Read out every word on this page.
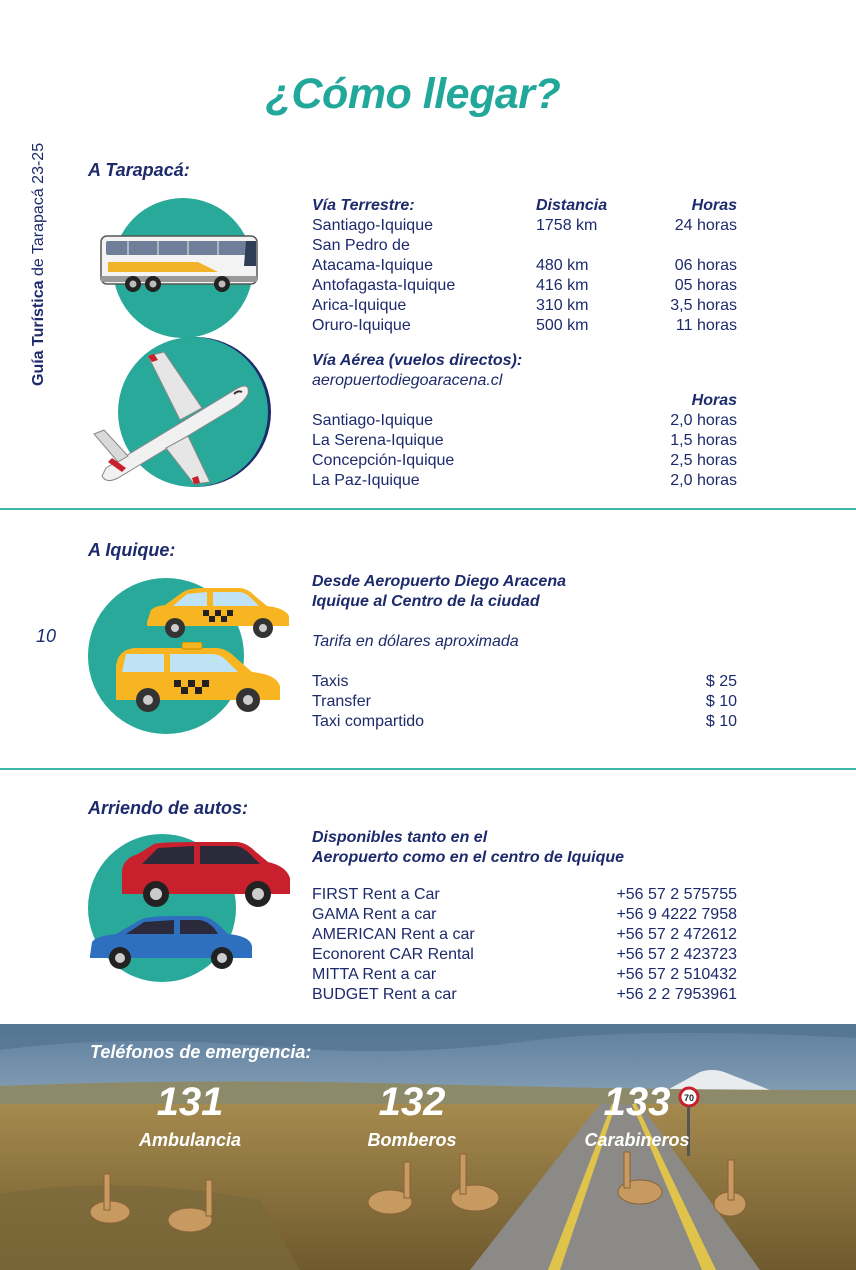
¿Cómo llegar?
Guía Turística de Tarapacá 23-25
10
A Tarapacá:
Vía Terrestre:	Distancia	Horas
Santiago-Iquique	1758 km	24 horas
San Pedro de
Atacama-Iquique	480 km	06 horas
Antofagasta-Iquique	416 km	05 horas
Arica-Iquique	310 km	3,5 horas
Oruro-Iquique	500 km	11 horas
Vía Aérea (vuelos directos):
aeropuertodiegoaracena.cl
Horas
Santiago-Iquique	2,0 horas
La Serena-Iquique	1,5 horas
Concepción-Iquique	2,5 horas
La Paz-Iquique	2,0 horas
A Iquique:
Desde Aeropuerto Diego Aracena
Iquique al Centro de la ciudad
Tarifa en dólares aproximada
Taxis	$ 25
Transfer	$ 10
Taxi compartido	$ 10
Arriendo de autos:
Disponibles tanto en el
Aeropuerto como en el centro de Iquique
FIRST Rent a Car	+56 57 2 575755
GAMA Rent a car	+56 9 4222 7958
AMERICAN Rent a car	+56 57 2 472612
Econorent CAR Rental	+56 57 2 423723
MITTA Rent a car	+56 57 2 510432
BUDGET Rent a car	+56 2 2 7953961
70
Teléfonos de emergencia:
131
Ambulancia
132
Bomberos
133
Carabineros
